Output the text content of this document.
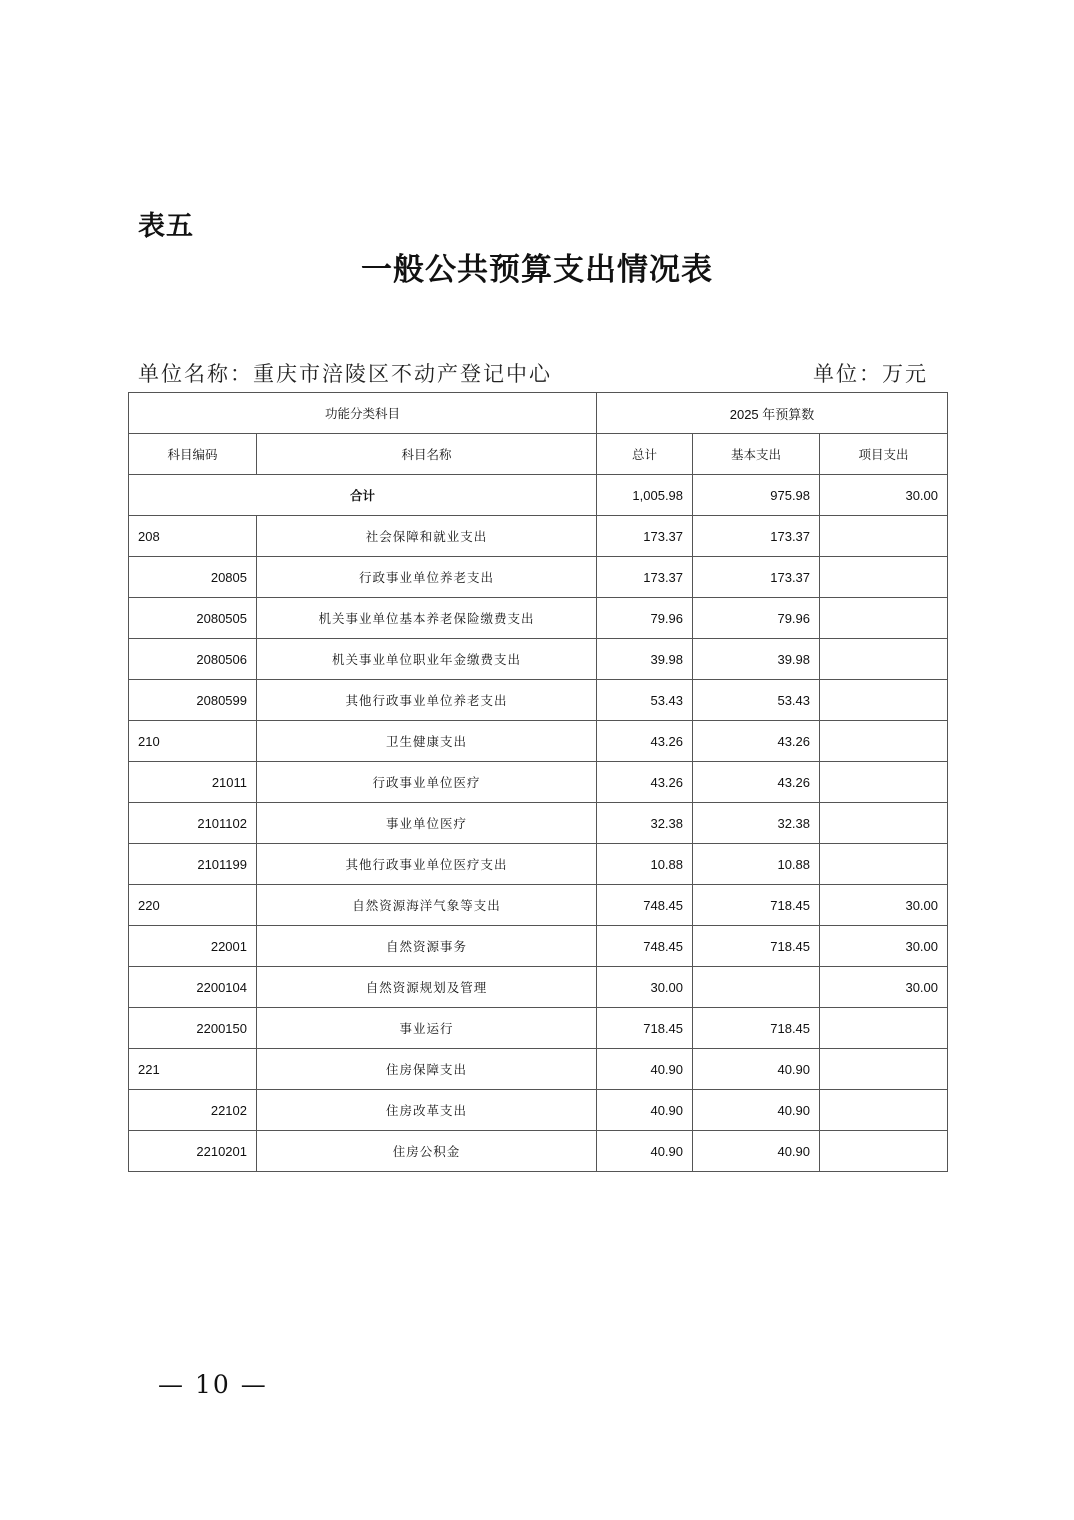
表五
一般公共预算支出情况表
单位名称：重庆市涪陵区不动产登记中心	单位：万元
功能分类科目		2025 年预算数		
科目编码	科目名称	总计	基本支出	项目支出
合计		1,005.98	975.98	30.00
208	社会保障和就业支出	173.37	173.37	
20805	行政事业单位养老支出	173.37	173.37	
2080505	机关事业单位基本养老保险缴费支出	79.96	79.96	
2080506	机关事业单位职业年金缴费支出	39.98	39.98	
2080599	其他行政事业单位养老支出	53.43	53.43	
210	卫生健康支出	43.26	43.26	
21011	行政事业单位医疗	43.26	43.26	
2101102	事业单位医疗	32.38	32.38	
2101199	其他行政事业单位医疗支出	10.88	10.88	
220	自然资源海洋气象等支出	748.45	718.45	30.00
22001	自然资源事务	748.45	718.45	30.00
2200104	自然资源规划及管理	30.00		30.00
2200150	事业运行	718.45	718.45	
221	住房保障支出	40.90	40.90	
22102	住房改革支出	40.90	40.90	
2210201	住房公积金	40.90	40.90	
— 10 —
